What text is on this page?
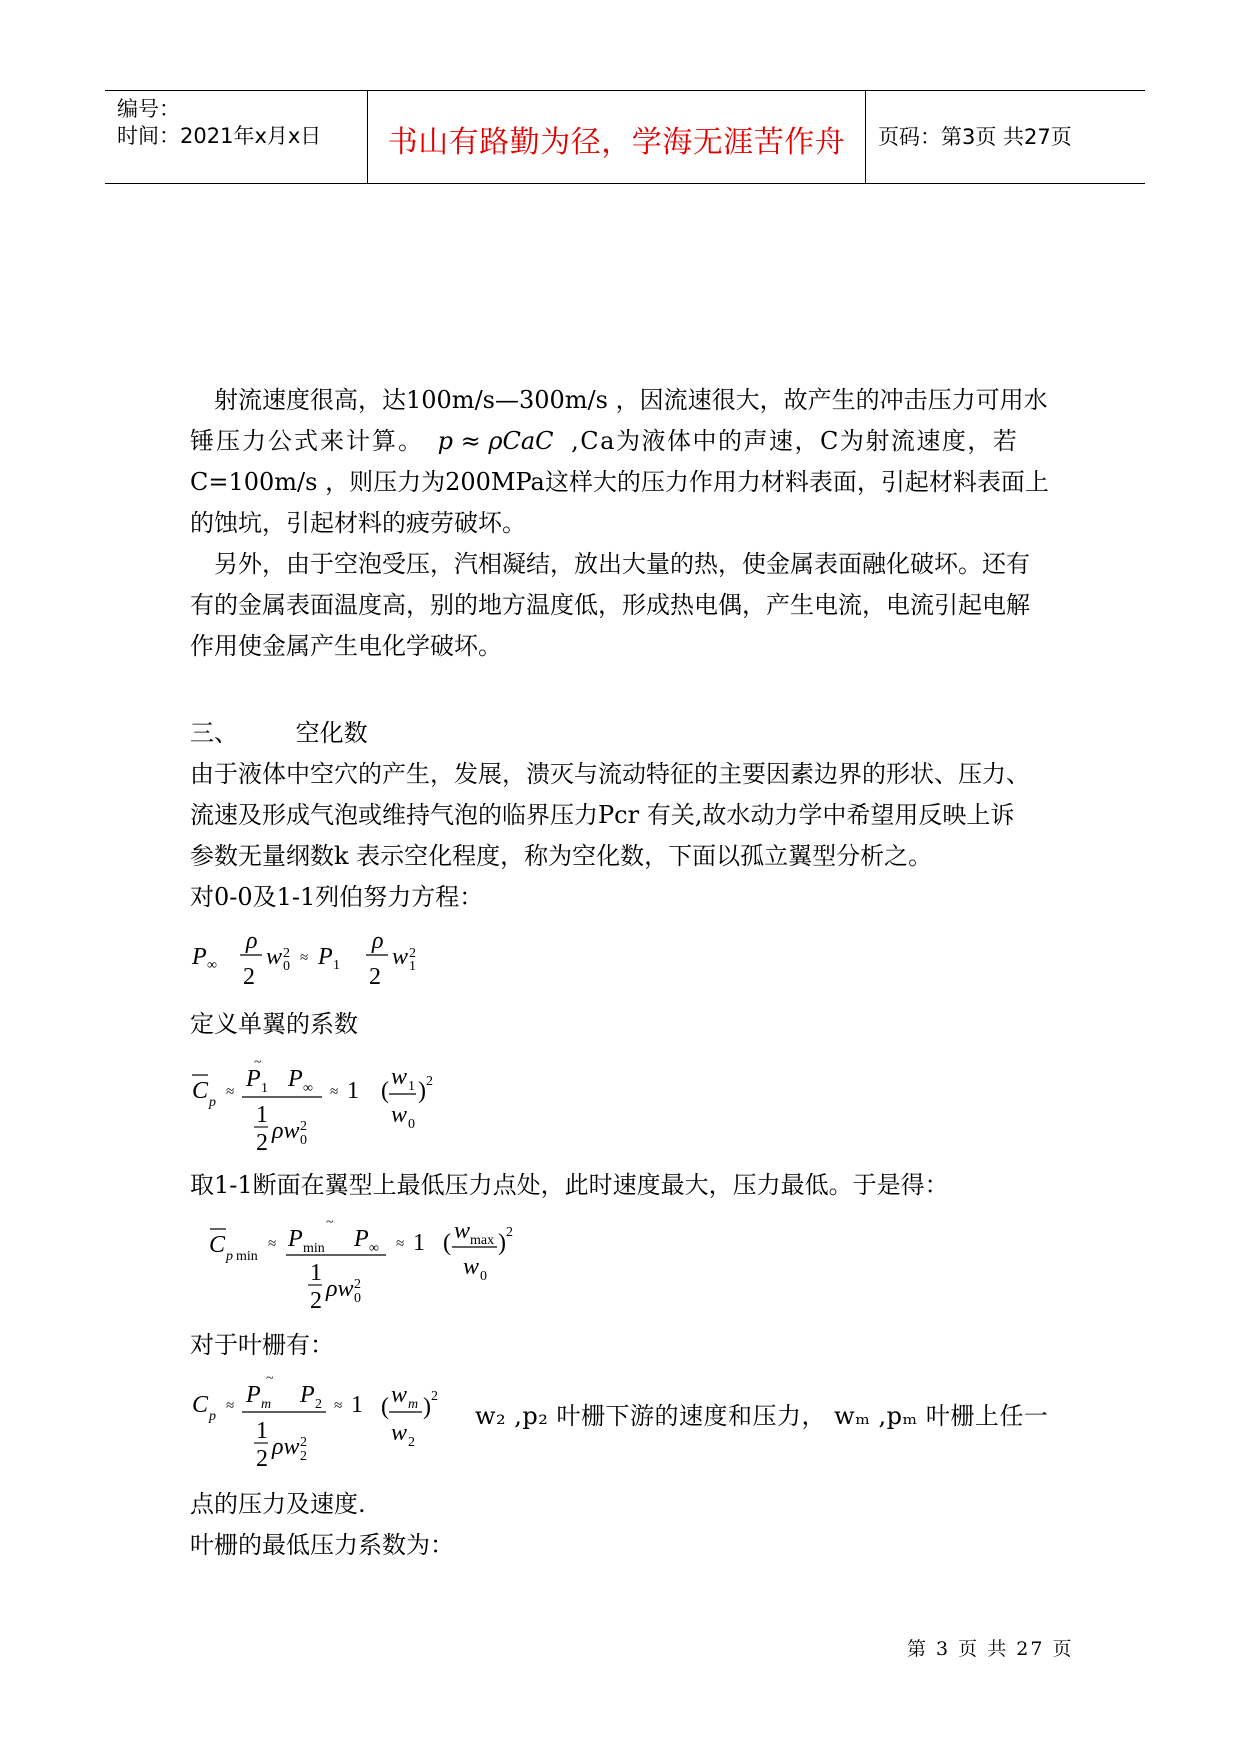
编号：
时间：2021年x月x日	书山有路勤为径，学海无涯苦作舟	页码：第3页 共27页
射流速度很高，达100m/s—300m/s ，因流速很大，故产生的冲击压力可用水
锤压力公式来计算。 p ≈ ρCaC ,Ca为液体中的声速，C为射流速度，若
C=100m/s ，则压力为200MPa这样大的压力作用力材料表面，引起材料表面上
的蚀坑，引起材料的疲劳破坏。
另外，由于空泡受压，汽相凝结，放出大量的热，使金属表面融化破坏。还有
有的金属表面温度高，别的地方温度低，形成热电偶，产生电流，电流引起电解
作用使金属产生电化学破坏。
三、 空化数
由于液体中空穴的产生，发展，溃灭与流动特征的主要因素边界的形状、压力、
流速及形成气泡或维持气泡的临界压力Pcr 有关,故水动力学中希望用反映上诉
参数无量纲数k 表示空化程度，称为空化数，下面以孤立翼型分析之。
对0-0及1-1列伯努力方程：
P ∞
ρ
2
w 0
2 ≈ P 1
ρ
2
w 1
2
定义单翼的系数
C p
≈ P 1
~
P ∞
1
2 ρw 0
2
≈ 1 (
w 1
w 0
) 2
取1-1断面在翼型上最低压力点处，此时速度最大，压力最低。于是得：
C p min
≈ P min
~
P ∞
1
2 ρw 0
2
≈ 1 ( w max
w 0
) 2
对于叶栅有：
C p
≈ P m
~
P 2
1
2 ρw 2
2
≈ 1 ( w m
w 2
) 2
w₂ ,p₂ 叶栅下游的速度和压力， wₘ ,pₘ 叶栅上任一
点的压力及速度.
叶栅的最低压力系数为：
第 3 页 共 27 页
